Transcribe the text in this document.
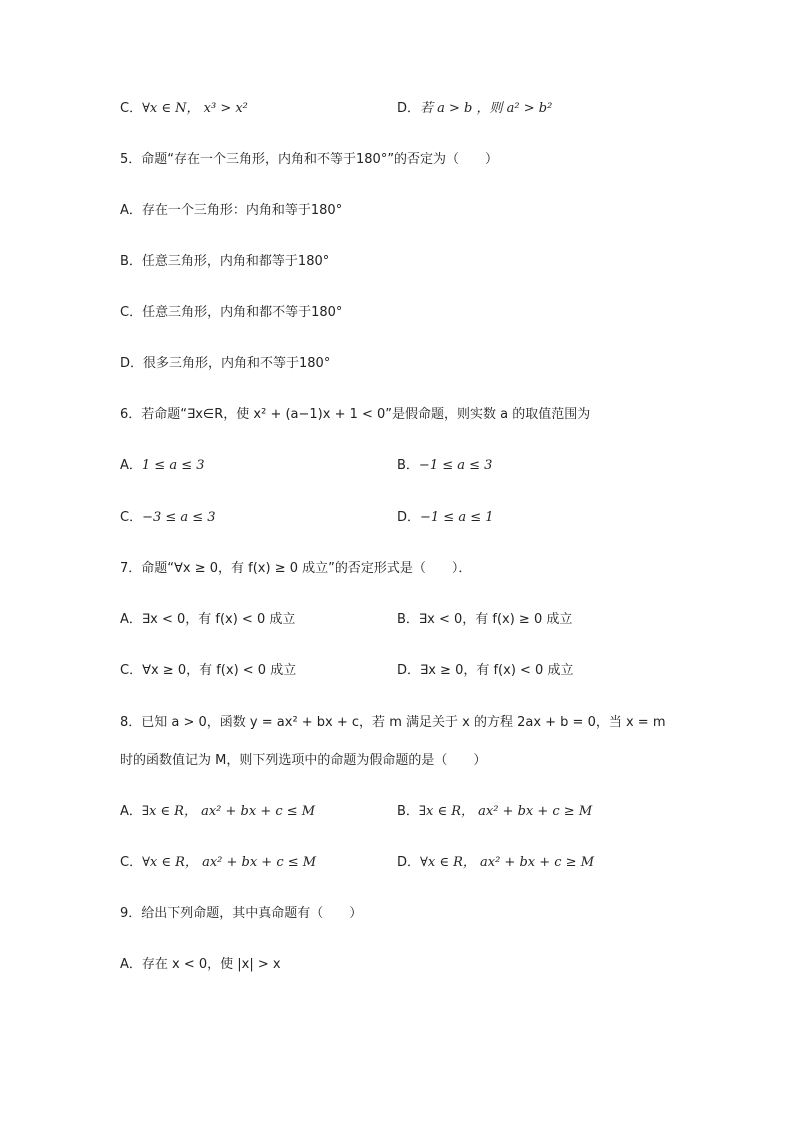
C．∀x ∈ N， x³ > x²	D．若 a > b ，则 a² > b²
5．命题“存在一个三角形，内角和不等于180°”的否定为（　　）
A．存在一个三角形：内角和等于180°
B．任意三角形，内角和都等于180°
C．任意三角形，内角和都不等于180°
D．很多三角形，内角和不等于180°
6．若命题“∃x∈R，使 x² + (a−1)x + 1 < 0”是假命题，则实数 a 的取值范围为
A．1 ≤ a ≤ 3	B．−1 ≤ a ≤ 3
C．−3 ≤ a ≤ 3	D．−1 ≤ a ≤ 1
7．命题“∀x ≥ 0，有 f(x) ≥ 0 成立”的否定形式是（　　）．
A．∃x < 0，有 f(x) < 0 成立	B．∃x < 0，有 f(x) ≥ 0 成立
C．∀x ≥ 0，有 f(x) < 0 成立	D．∃x ≥ 0，有 f(x) < 0 成立
8．已知 a > 0，函数 y = ax² + bx + c，若 m 满足关于 x 的方程 2ax + b = 0，当 x = m
时的函数值记为 M，则下列选项中的命题为假命题的是（　　）
A．∃x ∈ R， ax² + bx + c ≤ M	B．∃x ∈ R， ax² + bx + c ≥ M
C．∀x ∈ R， ax² + bx + c ≤ M	D．∀x ∈ R， ax² + bx + c ≥ M
9．给出下列命题，其中真命题有（　　）
A．存在 x < 0，使 |x| > x
